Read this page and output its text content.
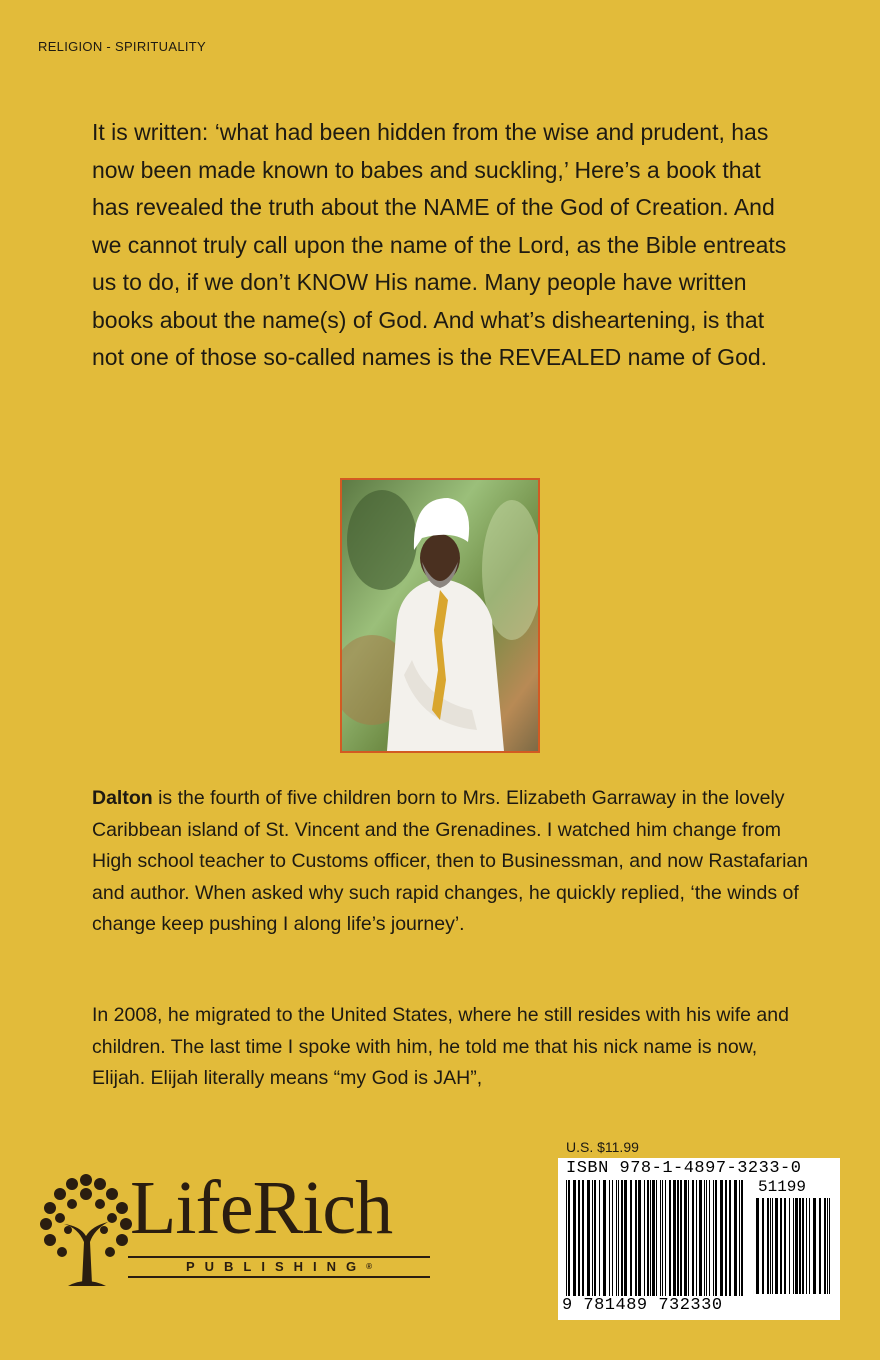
RELIGION - SPIRITUALITY

It is written: ‘what had been hidden from the wise and prudent, has now been made known to babes and suckling,’ Here’s a book that has revealed the truth about the NAME of the God of Creation. And we cannot truly call upon the name of the Lord, as the Bible entreats us to do, if we don’t KNOW His name. Many people have written books about the name(s) of God. And what’s disheartening, is that not one of those so-called names is the REVEALED name of God.

Dalton is the fourth of five children born to Mrs. Elizabeth Garraway in the lovely Caribbean island of St. Vincent and the Grenadines. I watched him change from High school teacher to Customs officer, then to Businessman, and now Rastafarian and author. When asked why such rapid changes, he quickly replied, ‘the winds of change keep pushing I along life’s journey’.

In 2008, he migrated to the United States, where he still resides with his wife and children. The last time I spoke with him, he told me that his nick name is now, Elijah. Elijah literally means “my God is JAH”,

LifeRich
PUBLISHING®
U.S. $11.99
ISBN 978-1-4897-3233-0
51199
9 781489 732330
